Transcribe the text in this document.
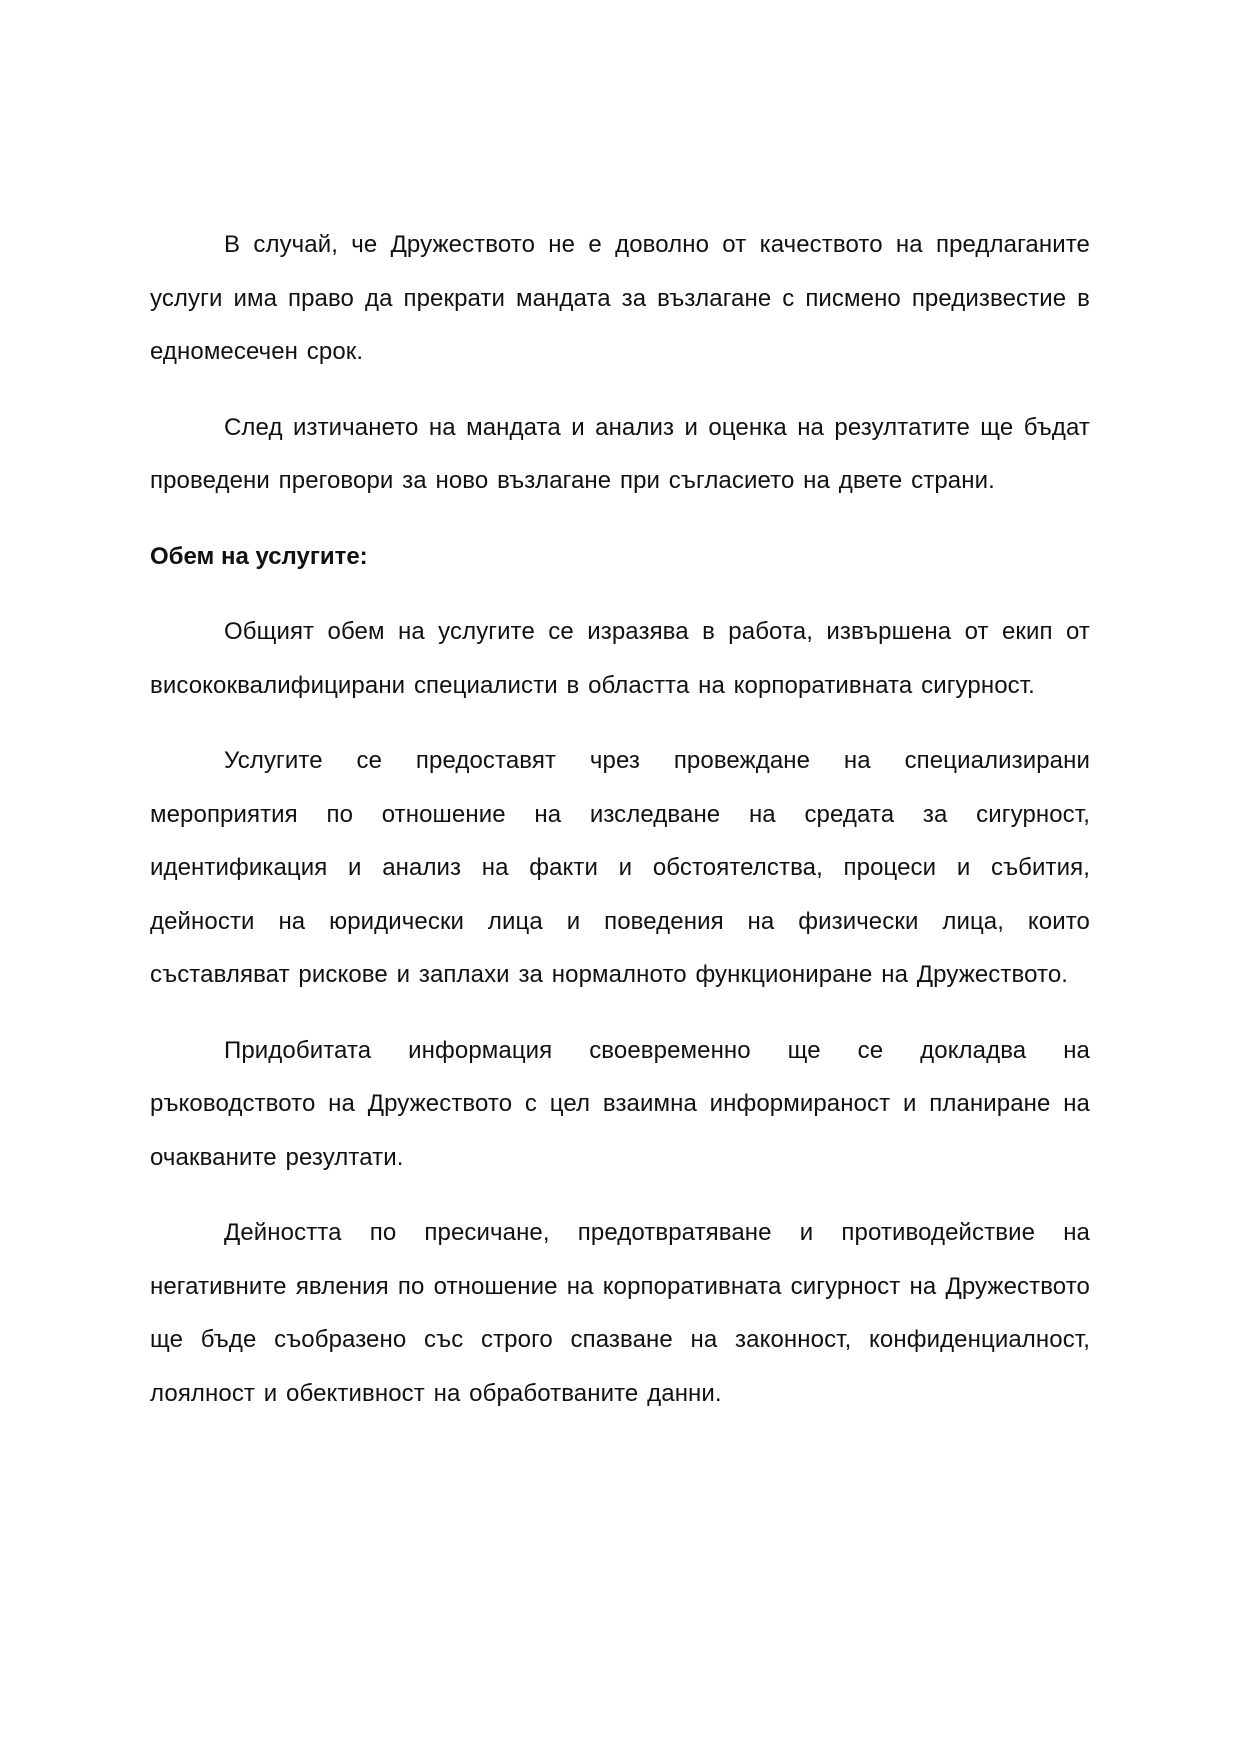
В случай, че Дружеството не е доволно от качеството на предлаганите услуги има право да прекрати мандата за възлагане с писмено предизвестие в едномесечен срок.

След изтичането на мандата и анализ и оценка на резултатите ще бъдат проведени преговори за ново възлагане при съгласието на двете страни.

Обем на услугите:

Общият обем на услугите се изразява в работа, извършена от екип от висококвалифицирани специалисти в областта на корпоративната сигурност.

Услугите се предоставят чрез провеждане на специализирани мероприятия по отношение на изследване на средата за сигурност, идентификация и анализ на факти и обстоятелства, процеси и събития, дейности на юридически лица и поведения на физически лица, които съставляват рискове и заплахи за нормалното функциониране на Дружеството.

Придобитата информация своевременно ще се докладва на ръководството на Дружеството с цел взаимна информираност и планиране на очакваните резултати.

Дейността по пресичане, предотвратяване и противодействие на негативните явления по отношение на корпоративната сигурност на Дружеството ще бъде съобразено със строго спазване на законност, конфиденциалност, лоялност и обективност на обработваните данни.
